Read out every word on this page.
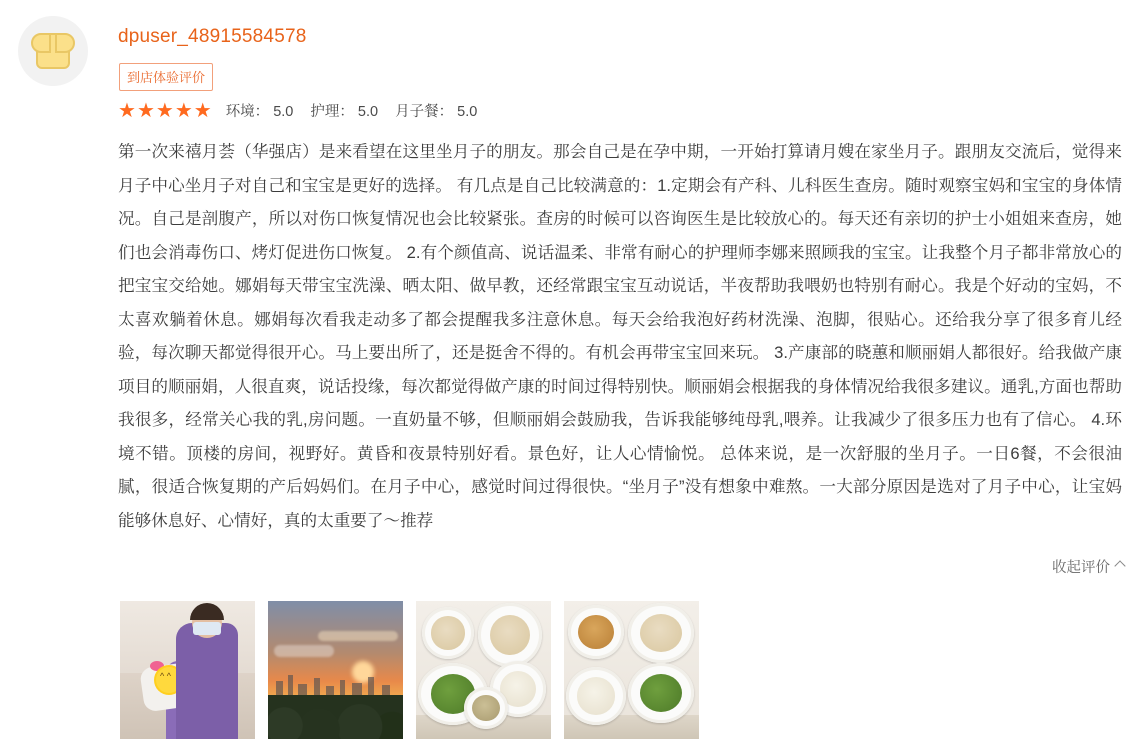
dpuser_48915584578
到店体验评价
★ ★ ★ ★ ★ 环境： 5.0 护理： 5.0 月子餐： 5.0
第一次来禧月荟（华强店）是来看望在这里坐月子的朋友。那会自己是在孕中期，一开始打算请月嫂在家坐月子。跟朋友交流后，觉得来月子中心坐月子对自己和宝宝是更好的选择。 有几点是自己比较满意的：1.定期会有产科、儿科医生查房。随时观察宝妈和宝宝的身体情况。自己是剖腹产，所以对伤口恢复情况也会比较紧张。查房的时候可以咨询医生是比较放心的。每天还有亲切的护士小姐姐来查房，她们也会消毒伤口、烤灯促进伤口恢复。 2.有个颜值高、说话温柔、非常有耐心的护理师李娜来照顾我的宝宝。让我整个月子都非常放心的把宝宝交给她。娜娟每天带宝宝洗澡、晒太阳、做早教，还经常跟宝宝互动说话，半夜帮助我喂奶也特别有耐心。我是个好动的宝妈，不太喜欢躺着休息。娜娟每次看我走动多了都会提醒我多注意休息。每天会给我泡好药材洗澡、泡脚，很贴心。还给我分享了很多育儿经验，每次聊天都觉得很开心。马上要出所了，还是挺舍不得的。有机会再带宝宝回来玩。 3.产康部的晓蕙和顺丽娟人都很好。给我做产康项目的顺丽娟，人很直爽，说话投缘，每次都觉得做产康的时间过得特别快。顺丽娟会根据我的身体情况给我很多建议。通乳,方面也帮助我很多，经常关心我的乳,房问题。一直奶量不够，但顺丽娟会鼓励我，告诉我能够纯母乳,喂养。让我减少了很多压力也有了信心。 4.环境不错。顶楼的房间，视野好。黄昏和夜景特别好看。景色好，让人心情愉悦。 总体来说，是一次舒服的坐月子。一日6餐，不会很油腻，很适合恢复期的产后妈妈们。在月子中心，感觉时间过得很快。“坐月子”没有想象中难熬。一大部分原因是选对了月子中心，让宝妈能够休息好、心情好，真的太重要了～推荐
收起评价
^ ^
